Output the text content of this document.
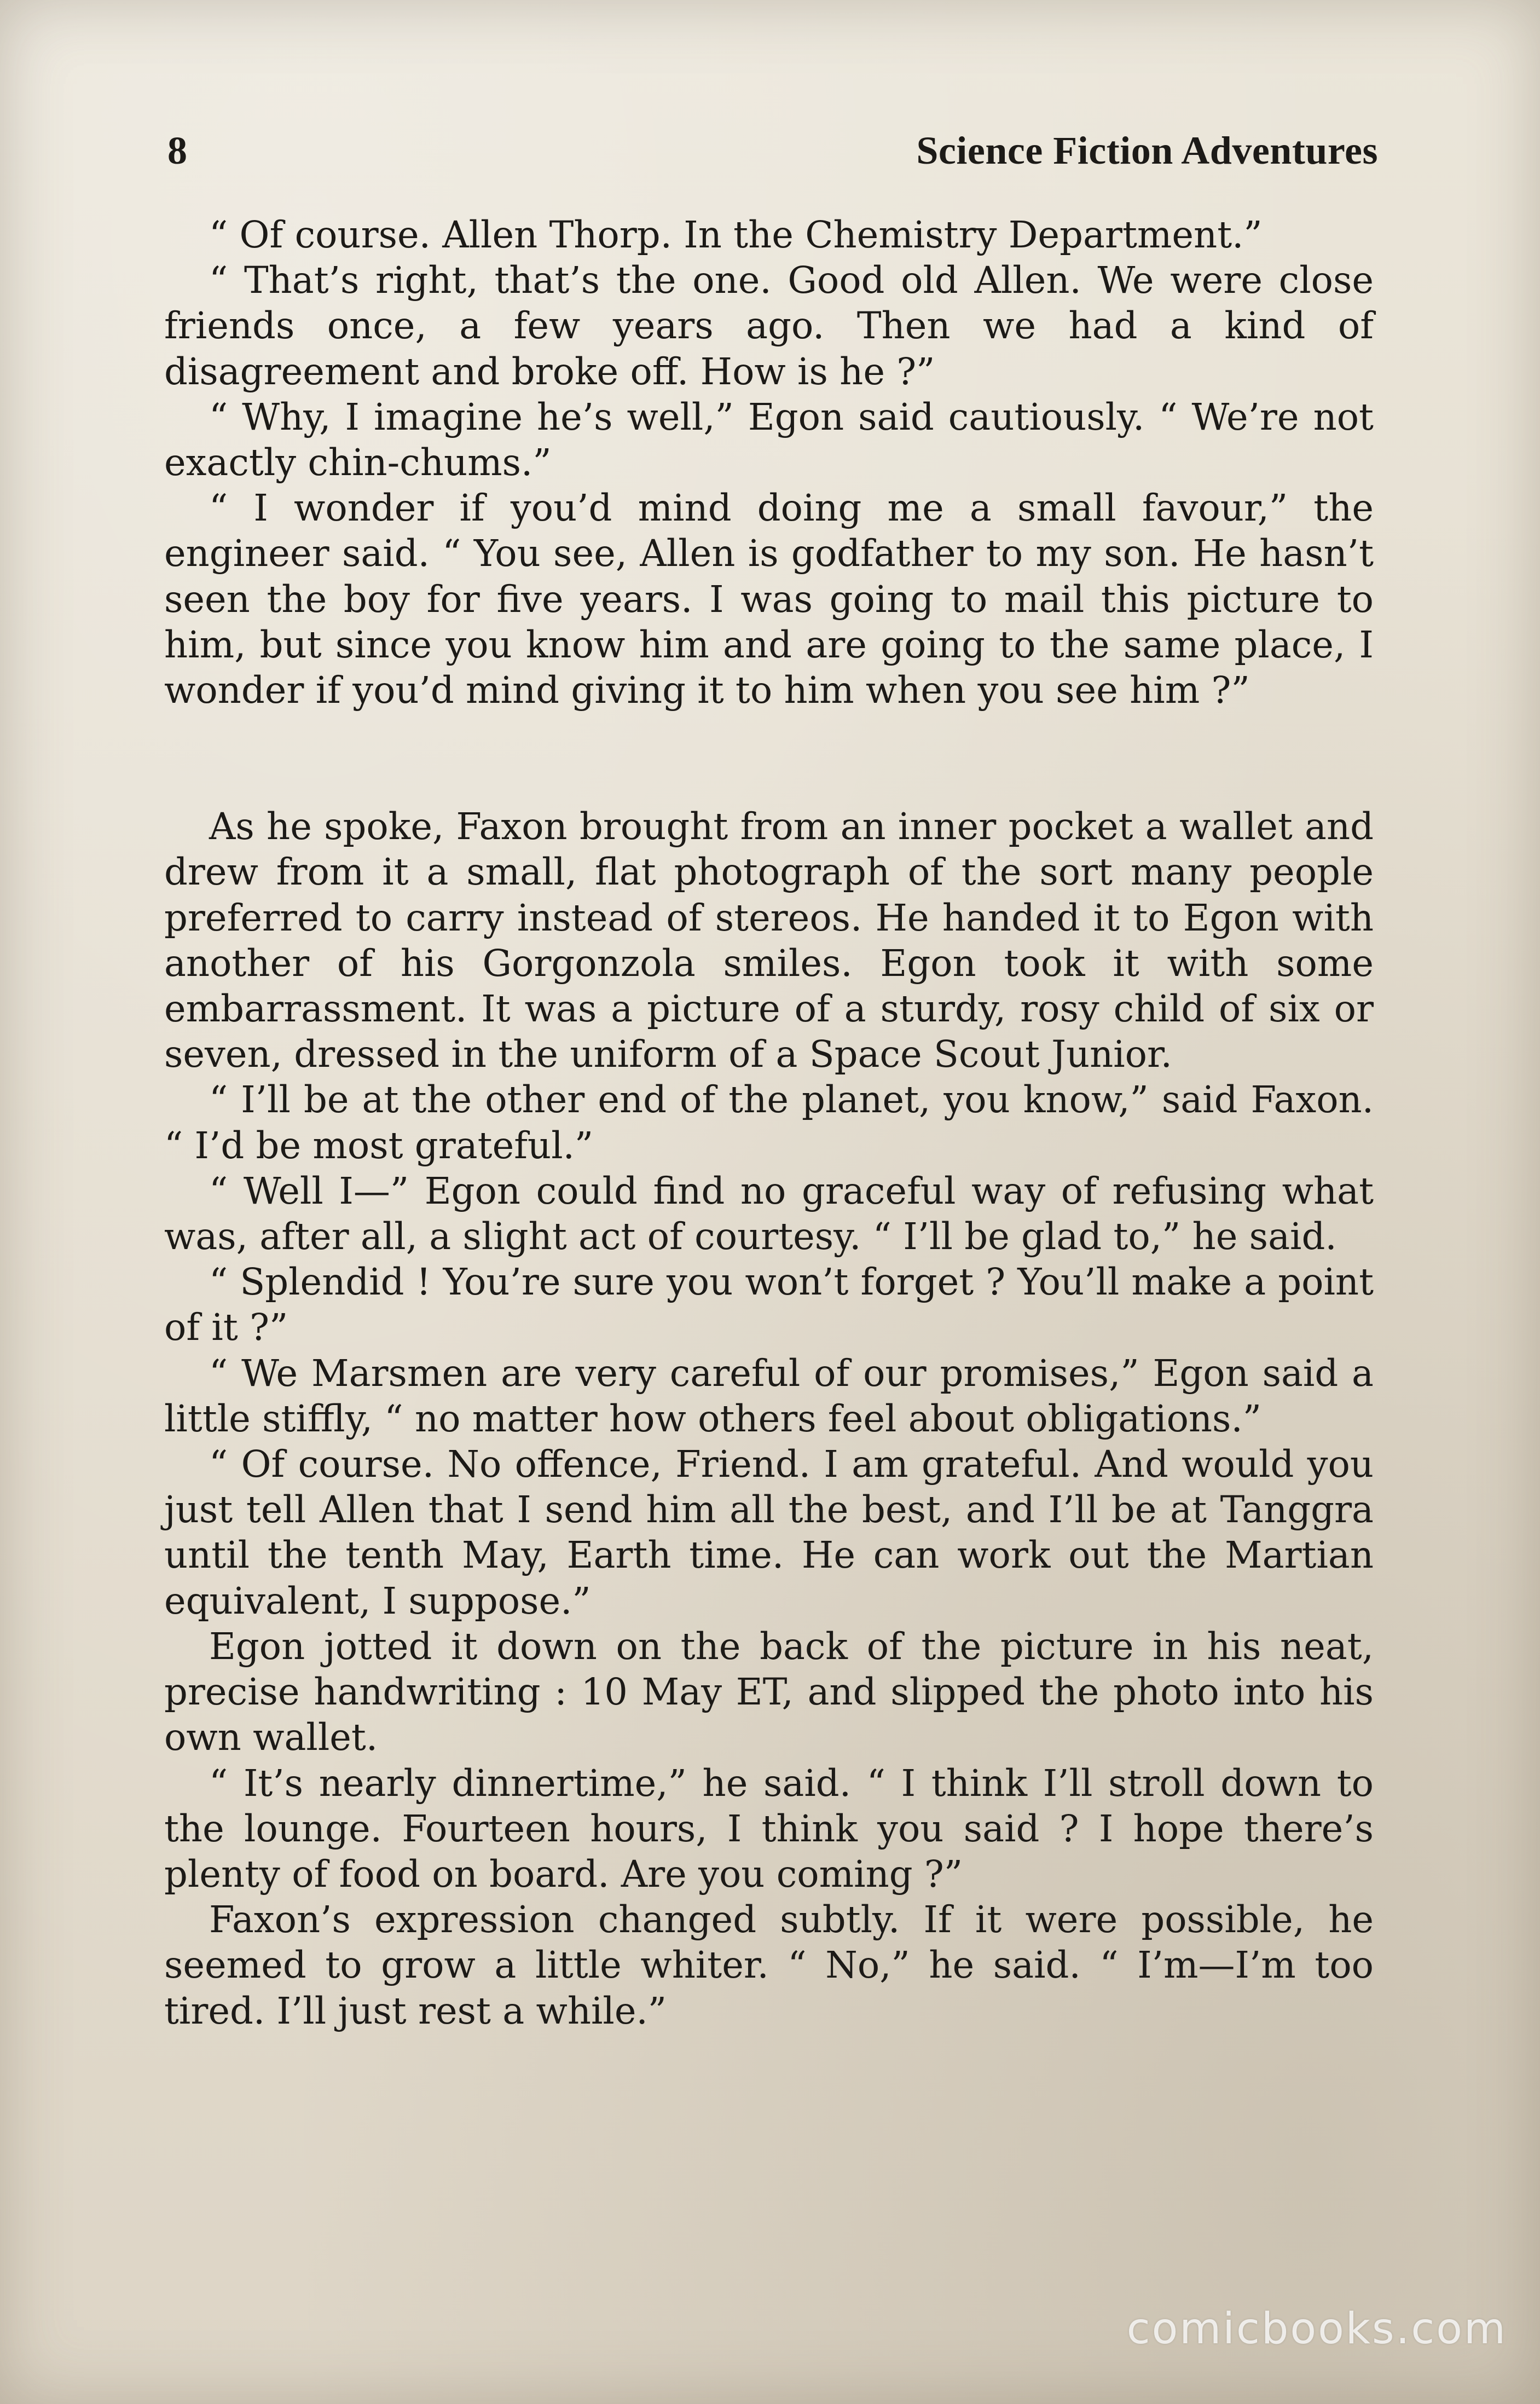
8	Science Fiction Adventures

“ Of course. Allen Thorp. In the Chemistry Department.”

“ That’s right, that’s the one. Good old Allen. We were close friends once, a few years ago. Then we had a kind of disagreement and broke off. How is he ?”

“ Why, I imagine he’s well,” Egon said cautiously. “ We’re not exactly chin-chums.”

“ I wonder if you’d mind doing me a small favour,” the engineer said. “ You see, Allen is godfather to my son. He hasn’t seen the boy for five years. I was going to mail this picture to him, but since you know him and are going to the same place, I wonder if you’d mind giving it to him when you see him ?”

As he spoke, Faxon brought from an inner pocket a wallet and drew from it a small, flat photograph of the sort many people preferred to carry instead of stereos. He handed it to Egon with another of his Gorgonzola smiles. Egon took it with some embarrassment. It was a picture of a sturdy, rosy child of six or seven, dressed in the uniform of a Space Scout Junior.

“ I’ll be at the other end of the planet, you know,” said Faxon. “ I’d be most grateful.”

“ Well I—” Egon could find no graceful way of refusing what was, after all, a slight act of courtesy. “ I’ll be glad to,” he said.

“ Splendid ! You’re sure you won’t forget ? You’ll make a point of it ?”

“ We Marsmen are very careful of our promises,” Egon said a little stiffly, “ no matter how others feel about obligations.”

“ Of course. No offence, Friend. I am grateful. And would you just tell Allen that I send him all the best, and I’ll be at Tanggra until the tenth May, Earth time. He can work out the Martian equivalent, I suppose.”

Egon jotted it down on the back of the picture in his neat, precise handwriting : 10 May ET, and slipped the photo into his own wallet.

“ It’s nearly dinnertime,” he said. “ I think I’ll stroll down to the lounge. Fourteen hours, I think you said ? I hope there’s plenty of food on board. Are you coming ?”

Faxon’s expression changed subtly. If it were possible, he seemed to grow a little whiter. “ No,” he said. “ I’m—I’m too tired. I’ll just rest a while.”

comicbooks.com
